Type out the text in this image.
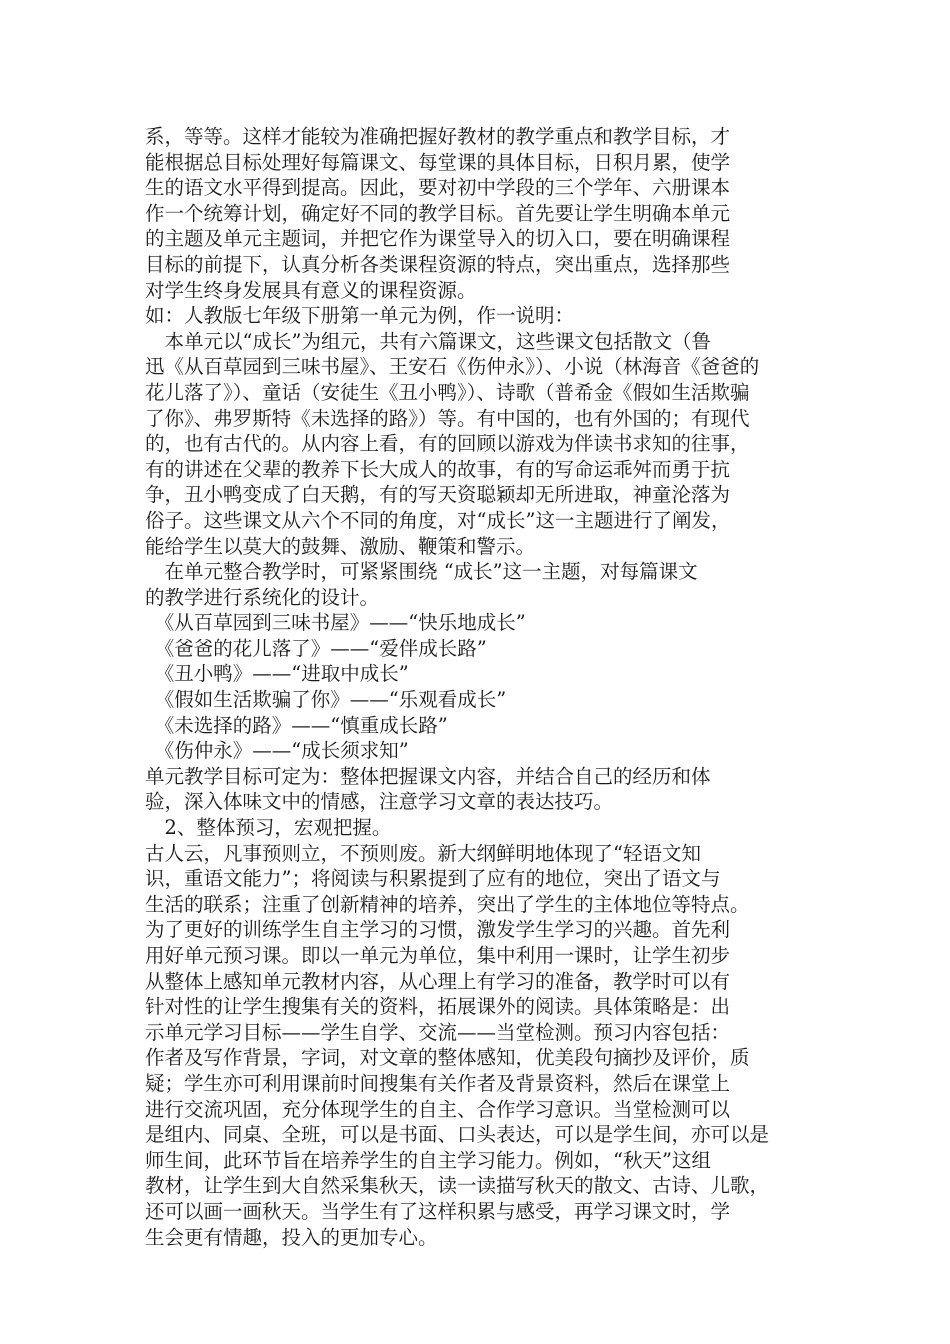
系，等等。这样才能较为准确把握好教材的教学重点和教学目标，才
能根据总目标处理好每篇课文、每堂课的具体目标，日积月累，使学
生的语文水平得到提高。因此，要对初中学段的三个学年、六册课本
作一个统筹计划，确定好不同的教学目标。首先要让学生明确本单元
的主题及单元主题词，并把它作为课堂导入的切入口，要在明确课程
目标的前提下，认真分析各类课程资源的特点，突出重点，选择那些
对学生终身发展具有意义的课程资源。
如：人教版七年级下册第一单元为例，作一说明：
　本单元以“成长”为组元，共有六篇课文，这些课文包括散文（鲁
迅《从百草园到三味书屋》、王安石《伤仲永》）、小说（林海音《爸爸的
花儿落了》）、童话（安徒生《丑小鸭》）、诗歌（普希金《假如生活欺骗
了你》、弗罗斯特《未选择的路》）等。有中国的，也有外国的；有现代
的，也有古代的。从内容上看，有的回顾以游戏为伴读书求知的往事，
有的讲述在父辈的教养下长大成人的故事，有的写命运乖舛而勇于抗
争，丑小鸭变成了白天鹅，有的写天资聪颖却无所进取，神童沦落为
俗子。这些课文从六个不同的角度，对“成长”这一主题进行了阐发，
能给学生以莫大的鼓舞、激励、鞭策和警示。
　在单元整合教学时，可紧紧围绕 “成长”这一主题，对每篇课文
的教学进行系统化的设计。
　《从百草园到三味书屋》——“快乐地成长”
　《爸爸的花儿落了》——“爱伴成长路”
　《丑小鸭》——“进取中成长”
　《假如生活欺骗了你》——“乐观看成长”
　《未选择的路》——“慎重成长路”
　《伤仲永》——“成长须求知”
单元教学目标可定为：整体把握课文内容，并结合自己的经历和体
验，深入体味文中的情感，注意学习文章的表达技巧。
　2、整体预习，宏观把握。
古人云，凡事预则立，不预则废。新大纲鲜明地体现了“轻语文知
识，重语文能力”；将阅读与积累提到了应有的地位，突出了语文与
生活的联系；注重了创新精神的培养，突出了学生的主体地位等特点。
为了更好的训练学生自主学习的习惯，激发学生学习的兴趣。首先利
用好单元预习课。即以一单元为单位，集中利用一课时，让学生初步
从整体上感知单元教材内容，从心理上有学习的准备，教学时可以有
针对性的让学生搜集有关的资料，拓展课外的阅读。具体策略是：出
示单元学习目标——学生自学、交流——当堂检测。预习内容包括：
作者及写作背景，字词，对文章的整体感知，优美段句摘抄及评价，质
疑；学生亦可利用课前时间搜集有关作者及背景资料，然后在课堂上
进行交流巩固，充分体现学生的自主、合作学习意识。当堂检测可以
是组内、同桌、全班，可以是书面、口头表达，可以是学生间，亦可以是
师生间，此环节旨在培养学生的自主学习能力。例如，“秋天”这组
教材，让学生到大自然采集秋天，读一读描写秋天的散文、古诗、儿歌，
还可以画一画秋天。当学生有了这样积累与感受，再学习课文时，学
生会更有情趣，投入的更加专心。
